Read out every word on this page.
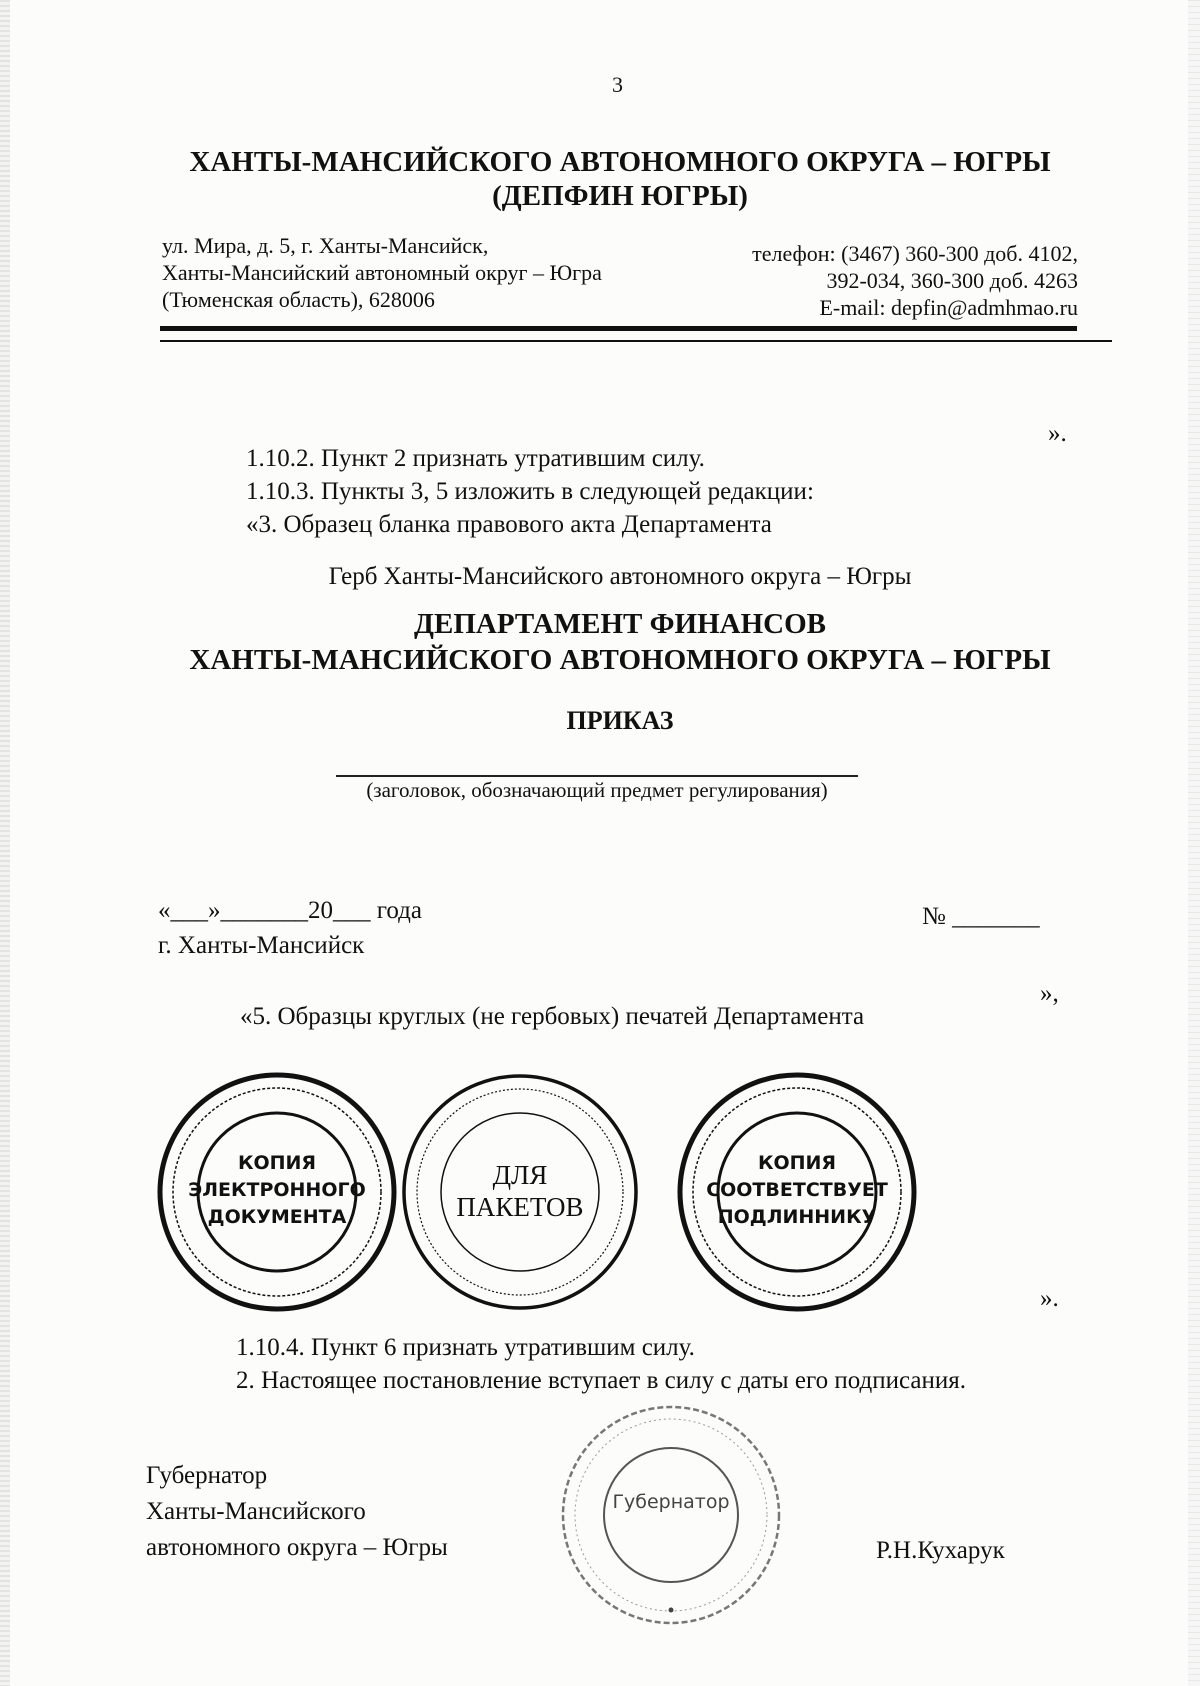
3
ХАНТЫ-МАНСИЙСКОГО АВТОНОМНОГО ОКРУГА – ЮГРЫ
(ДЕПФИН ЮГРЫ)
ул. Мира, д. 5, г. Ханты-Мансийск,
Ханты-Мансийский автономный округ – Югра
(Тюменская область), 628006
телефон: (3467) 360-300 доб. 4102,
392-034, 360-300 доб. 4263
E-mail: depfin@admhmao.ru
».
1.10.2. Пункт 2 признать утратившим силу.
1.10.3. Пункты 3, 5 изложить в следующей редакции:
«3. Образец бланка правового акта Департамента
Герб Ханты-Мансийского автономного округа – Югры
ДЕПАРТАМЕНТ ФИНАНСОВ
ХАНТЫ-МАНСИЙСКОГО АВТОНОМНОГО ОКРУГА – ЮГРЫ
ПРИКАЗ
(заголовок, обозначающий предмет регулирования)
«___»_______20___ года	№ _______
г. Ханты-Мансийск
»,
«5. Образцы круглых (не гербовых) печатей Департамента
КОПИЯ
ЭЛЕКТРОННОГО
ДОКУМЕНТА
ДЛЯ
ПАКЕТОВ
КОПИЯ
СООТВЕТСТВУЕТ
ПОДЛИННИКУ
».
1.10.4. Пункт 6 признать утратившим силу.
2. Настоящее постановление вступает в силу с даты его подписания.
Губернатор
Губернатор
Ханты-Мансийского
автономного округа – Югры	Р.Н.Кухарук
